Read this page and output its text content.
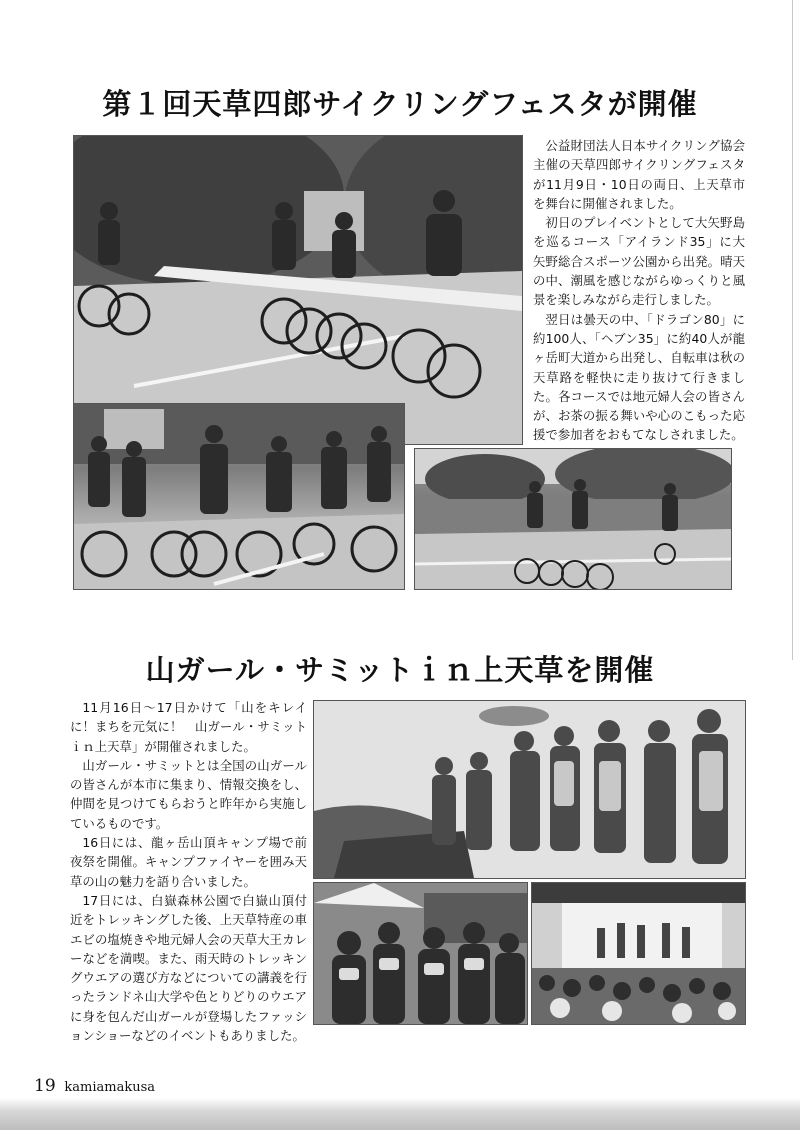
第１回天草四郎サイクリングフェスタが開催

公益財団法人日本サイクリング協会主催の天草四郎サイクリングフェスタが11月9日・10日の両日、上天草市を舞台に開催されました。

初日のプレイベントとして大矢野島を巡るコース「アイランド35」に大矢野総合スポーツ公園から出発。晴天の中、潮風を感じながらゆっくりと風景を楽しみながら走行しました。

翌日は曇天の中、「ドラゴン80」に約100人、「ヘブン35」に約40人が龍ヶ岳町大道から出発し、自転車は秋の天草路を軽快に走り抜けて行きました。各コースでは地元婦人会の皆さんが、お茶の振る舞いや心のこもった応援で参加者をおもてなしされました。

山ガール・サミットｉｎ上天草を開催

11月16日～17日かけて「山をキレイに！まちを元気に！　山ガール・サミットｉｎ上天草」が開催されました。

山ガール・サミットとは全国の山ガールの皆さんが本市に集まり、情報交換をし、仲間を見つけてもらおうと昨年から実施しているものです。

16日には、龍ヶ岳山頂キャンプ場で前夜祭を開催。キャンプファイヤーを囲み天草の山の魅力を語り合いました。

17日には、白嶽森林公園で白嶽山頂付近をトレッキングした後、上天草特産の車エビの塩焼きや地元婦人会の天草大王カレーなどを満喫。また、雨天時のトレッキングウエアの選び方などについての講義を行ったランドネ山大学や色とりどりのウエアに身を包んだ山ガールが登場したファッションショーなどのイベントもありました。

19 kamiamakusa
